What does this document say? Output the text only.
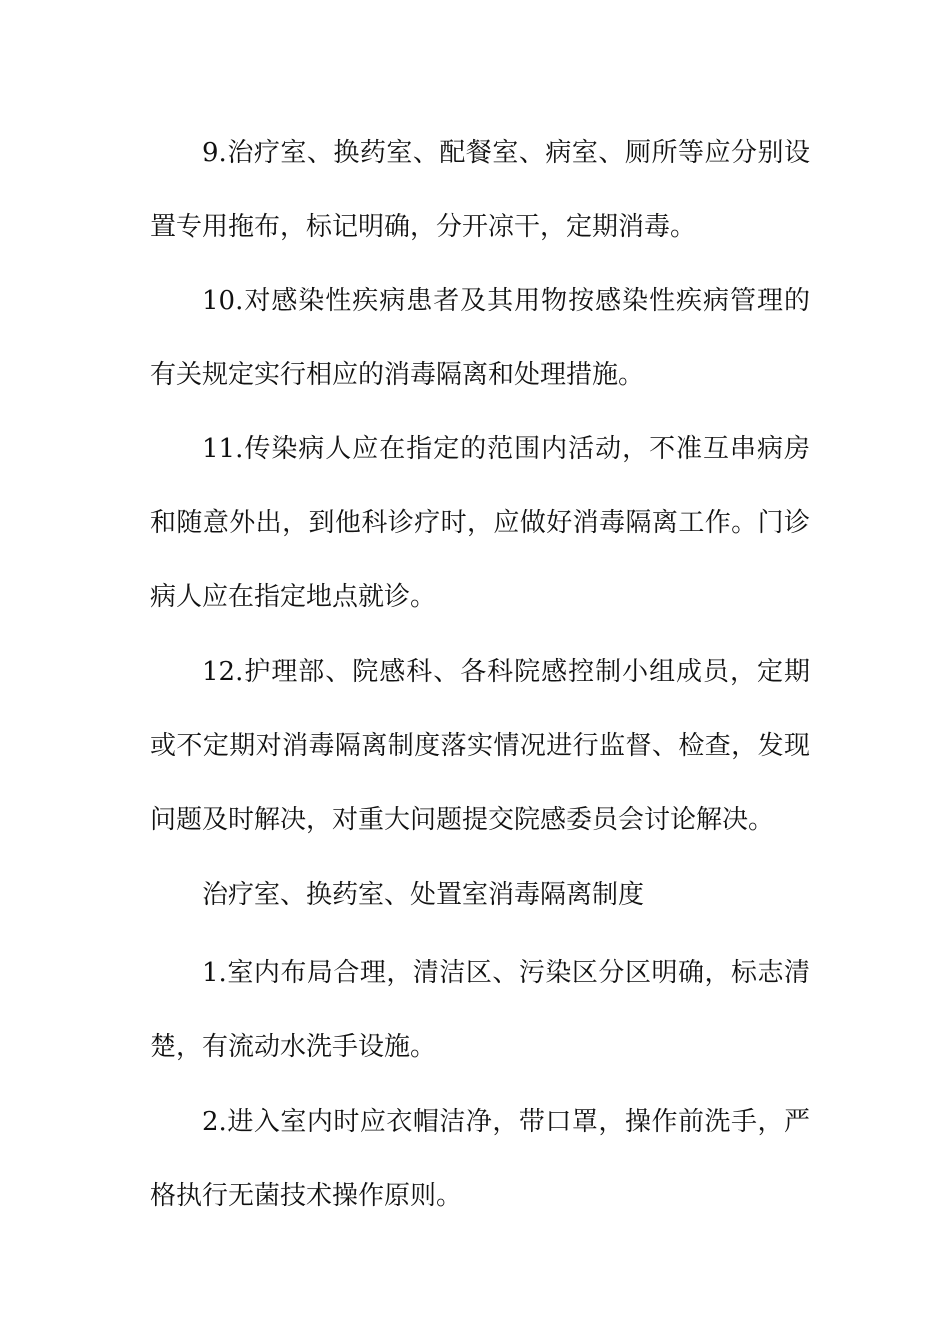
9.治疗室、换药室、配餐室、病室、厕所等应分别设置专用拖布，标记明确，分开凉干，定期消毒。

10.对感染性疾病患者及其用物按感染性疾病管理的有关规定实行相应的消毒隔离和处理措施。

11.传染病人应在指定的范围内活动，不准互串病房和随意外出，到他科诊疗时，应做好消毒隔离工作。门诊病人应在指定地点就诊。

12.护理部、院感科、各科院感控制小组成员，定期或不定期对消毒隔离制度落实情况进行监督、检查，发现问题及时解决，对重大问题提交院感委员会讨论解决。

治疗室、换药室、处置室消毒隔离制度

1.室内布局合理，清洁区、污染区分区明确，标志清楚，有流动水洗手设施。

2.进入室内时应衣帽洁净，带口罩，操作前洗手，严格执行无菌技术操作原则。
